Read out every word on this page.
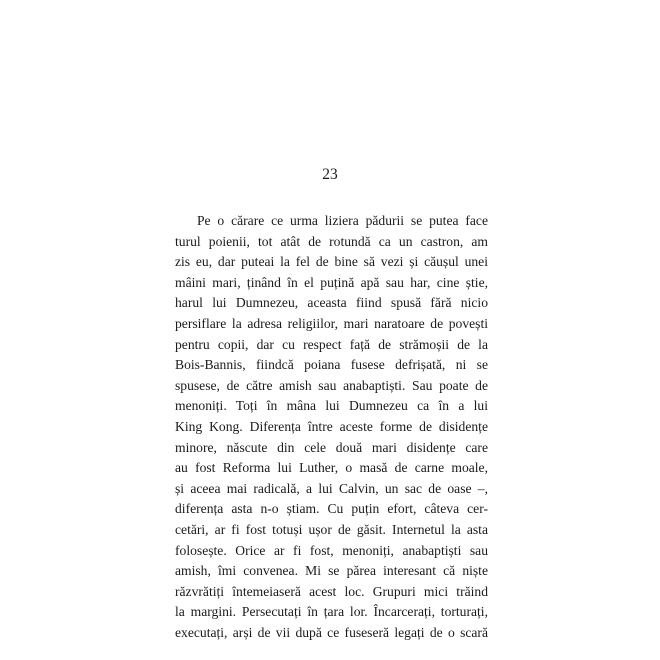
23

Pe o cărare ce urma liziera pădurii se putea face
turul poienii, tot atât de rotundă ca un castron, am
zis eu, dar puteai la fel de bine să vezi și căușul unei
mâini mari, ținând în el puțină apă sau har, cine știe,
harul lui Dumnezeu, aceasta fiind spusă fără nicio
persiflare la adresa religiilor, mari naratoare de povești
pentru copii, dar cu respect față de strămoșii de la
Bois-Bannis, fiindcă poiana fusese defrișată, ni se
spusese, de către amish sau anabaptiști. Sau poate de
menoniți. Toți în mâna lui Dumnezeu ca în a lui
King Kong. Diferența între aceste forme de disidențe
minore, născute din cele două mari disidențe care
au fost Reforma lui Luther, o masă de carne moale,
și aceea mai radicală, a lui Calvin, un sac de oase –,
diferența asta n-o știam. Cu puțin efort, câteva cer-
cetări, ar fi fost totuși ușor de găsit. Internetul la asta
folosește. Orice ar fi fost, menoniți, anabaptiști sau
amish, îmi convenea. Mi se părea interesant că niște
răzvrătiți întemeiaseră acest loc. Grupuri mici trăind
la margini. Persecutați în țara lor. Încarcerați, torturați,
executați, arși de vii după ce fuseseră legați de o scară
